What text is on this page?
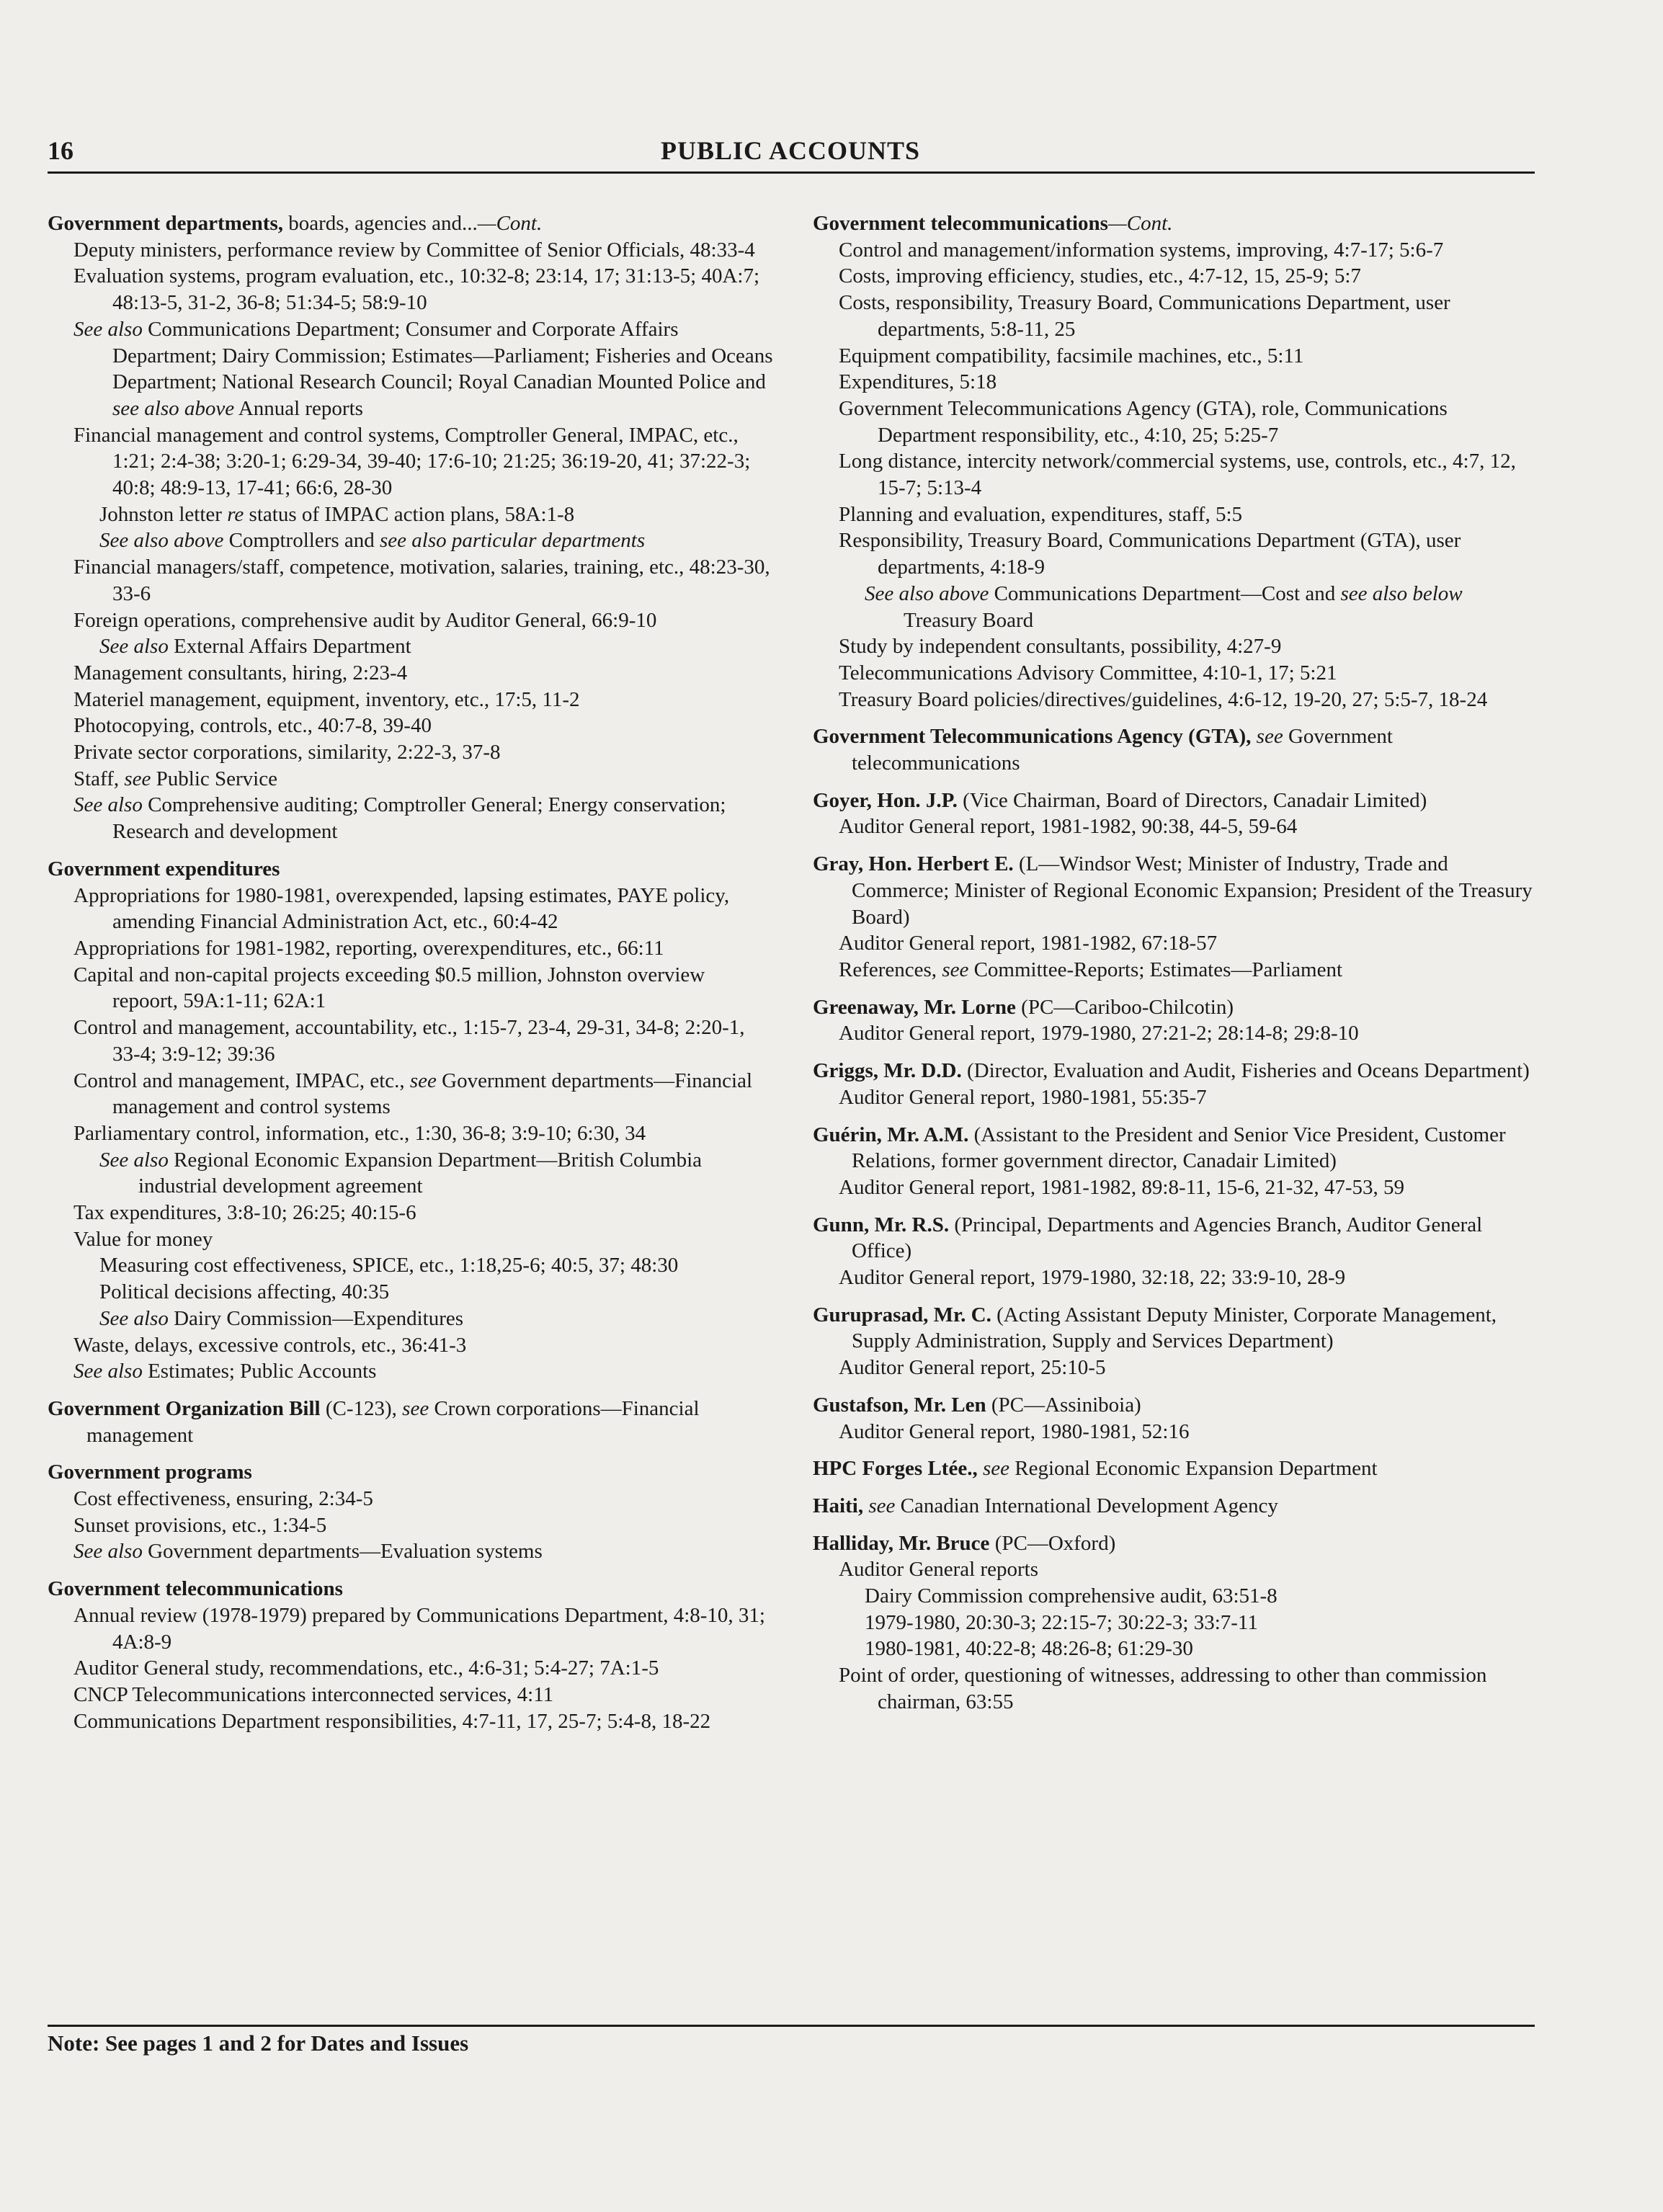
16	PUBLIC ACCOUNTS

Government departments, boards, agencies and...—Cont.

Deputy ministers, performance review by Committee of Senior Officials, 48:33-4

Evaluation systems, program evaluation, etc., 10:32-8; 23:14, 17; 31:13-5; 40A:7; 48:13-5, 31-2, 36-8; 51:34-5; 58:9-10

See also Communications Department; Consumer and Corporate Affairs Department; Dairy Commission; Estimates—Parliament; Fisheries and Oceans Department; National Research Council; Royal Canadian Mounted Police and see also above Annual reports

Financial management and control systems, Comptroller General, IMPAC, etc., 1:21; 2:4-38; 3:20-1; 6:29-34, 39-40; 17:6-10; 21:25; 36:19-20, 41; 37:22-3; 40:8; 48:9-13, 17-41; 66:6, 28-30

Johnston letter re status of IMPAC action plans, 58A:1-8

See also above Comptrollers and see also particular departments

Financial managers/staff, competence, motivation, salaries, training, etc., 48:23-30, 33-6

Foreign operations, comprehensive audit by Auditor General, 66:9-10

See also External Affairs Department

Management consultants, hiring, 2:23-4

Materiel management, equipment, inventory, etc., 17:5, 11-2

Photocopying, controls, etc., 40:7-8, 39-40

Private sector corporations, similarity, 2:22-3, 37-8

Staff, see Public Service

See also Comprehensive auditing; Comptroller General; Energy conservation; Research and development

Government expenditures

Appropriations for 1980-1981, overexpended, lapsing estimates, PAYE policy, amending Financial Administration Act, etc., 60:4-42

Appropriations for 1981-1982, reporting, overexpenditures, etc., 66:11

Capital and non-capital projects exceeding $0.5 million, Johnston overview repoort, 59A:1-11; 62A:1

Control and management, accountability, etc., 1:15-7, 23-4, 29-31, 34-8; 2:20-1, 33-4; 3:9-12; 39:36

Control and management, IMPAC, etc., see Government departments—Financial management and control systems

Parliamentary control, information, etc., 1:30, 36-8; 3:9-10; 6:30, 34

See also Regional Economic Expansion Department—British Columbia industrial development agreement

Tax expenditures, 3:8-10; 26:25; 40:15-6

Value for money

Measuring cost effectiveness, SPICE, etc., 1:18,25-6; 40:5, 37; 48:30

Political decisions affecting, 40:35

See also Dairy Commission—Expenditures

Waste, delays, excessive controls, etc., 36:41-3

See also Estimates; Public Accounts

Government Organization Bill (C-123), see Crown corporations—Financial management

Government programs

Cost effectiveness, ensuring, 2:34-5

Sunset provisions, etc., 1:34-5

See also Government departments—Evaluation systems

Government telecommunications

Annual review (1978-1979) prepared by Communications Department, 4:8-10, 31; 4A:8-9

Auditor General study, recommendations, etc., 4:6-31; 5:4-27; 7A:1-5

CNCP Telecommunications interconnected services, 4:11

Communications Department responsibilities, 4:7-11, 17, 25-7; 5:4-8, 18-22

Government telecommunications—Cont.

Control and management/information systems, improving, 4:7-17; 5:6-7

Costs, improving efficiency, studies, etc., 4:7-12, 15, 25-9; 5:7

Costs, responsibility, Treasury Board, Communications Department, user departments, 5:8-11, 25

Equipment compatibility, facsimile machines, etc., 5:11

Expenditures, 5:18

Government Telecommunications Agency (GTA), role, Communications Department responsibility, etc., 4:10, 25; 5:25-7

Long distance, intercity network/commercial systems, use, controls, etc., 4:7, 12, 15-7; 5:13-4

Planning and evaluation, expenditures, staff, 5:5

Responsibility, Treasury Board, Communications Department (GTA), user departments, 4:18-9

See also above Communications Department—Cost and see also below Treasury Board

Study by independent consultants, possibility, 4:27-9

Telecommunications Advisory Committee, 4:10-1, 17; 5:21

Treasury Board policies/directives/guidelines, 4:6-12, 19-20, 27; 5:5-7, 18-24

Government Telecommunications Agency (GTA), see Government telecommunications

Goyer, Hon. J.P. (Vice Chairman, Board of Directors, Canadair Limited)

Auditor General report, 1981-1982, 90:38, 44-5, 59-64

Gray, Hon. Herbert E. (L—Windsor West; Minister of Industry, Trade and Commerce; Minister of Regional Economic Expansion; President of the Treasury Board)

Auditor General report, 1981-1982, 67:18-57

References, see Committee-Reports; Estimates—Parliament

Greenaway, Mr. Lorne (PC—Cariboo-Chilcotin)

Auditor General report, 1979-1980, 27:21-2; 28:14-8; 29:8-10

Griggs, Mr. D.D. (Director, Evaluation and Audit, Fisheries and Oceans Department)

Auditor General report, 1980-1981, 55:35-7

Guérin, Mr. A.M. (Assistant to the President and Senior Vice President, Customer Relations, former government director, Canadair Limited)

Auditor General report, 1981-1982, 89:8-11, 15-6, 21-32, 47-53, 59

Gunn, Mr. R.S. (Principal, Departments and Agencies Branch, Auditor General Office)

Auditor General report, 1979-1980, 32:18, 22; 33:9-10, 28-9

Guruprasad, Mr. C. (Acting Assistant Deputy Minister, Corporate Management, Supply Administration, Supply and Services Department)

Auditor General report, 25:10-5

Gustafson, Mr. Len (PC—Assiniboia)

Auditor General report, 1980-1981, 52:16

HPC Forges Ltée., see Regional Economic Expansion Department

Haiti, see Canadian International Development Agency

Halliday, Mr. Bruce (PC—Oxford)

Auditor General reports

Dairy Commission comprehensive audit, 63:51-8

1979-1980, 20:30-3; 22:15-7; 30:22-3; 33:7-11

1980-1981, 40:22-8; 48:26-8; 61:29-30

Point of order, questioning of witnesses, addressing to other than commission chairman, 63:55

Note: See pages 1 and 2 for Dates and Issues
